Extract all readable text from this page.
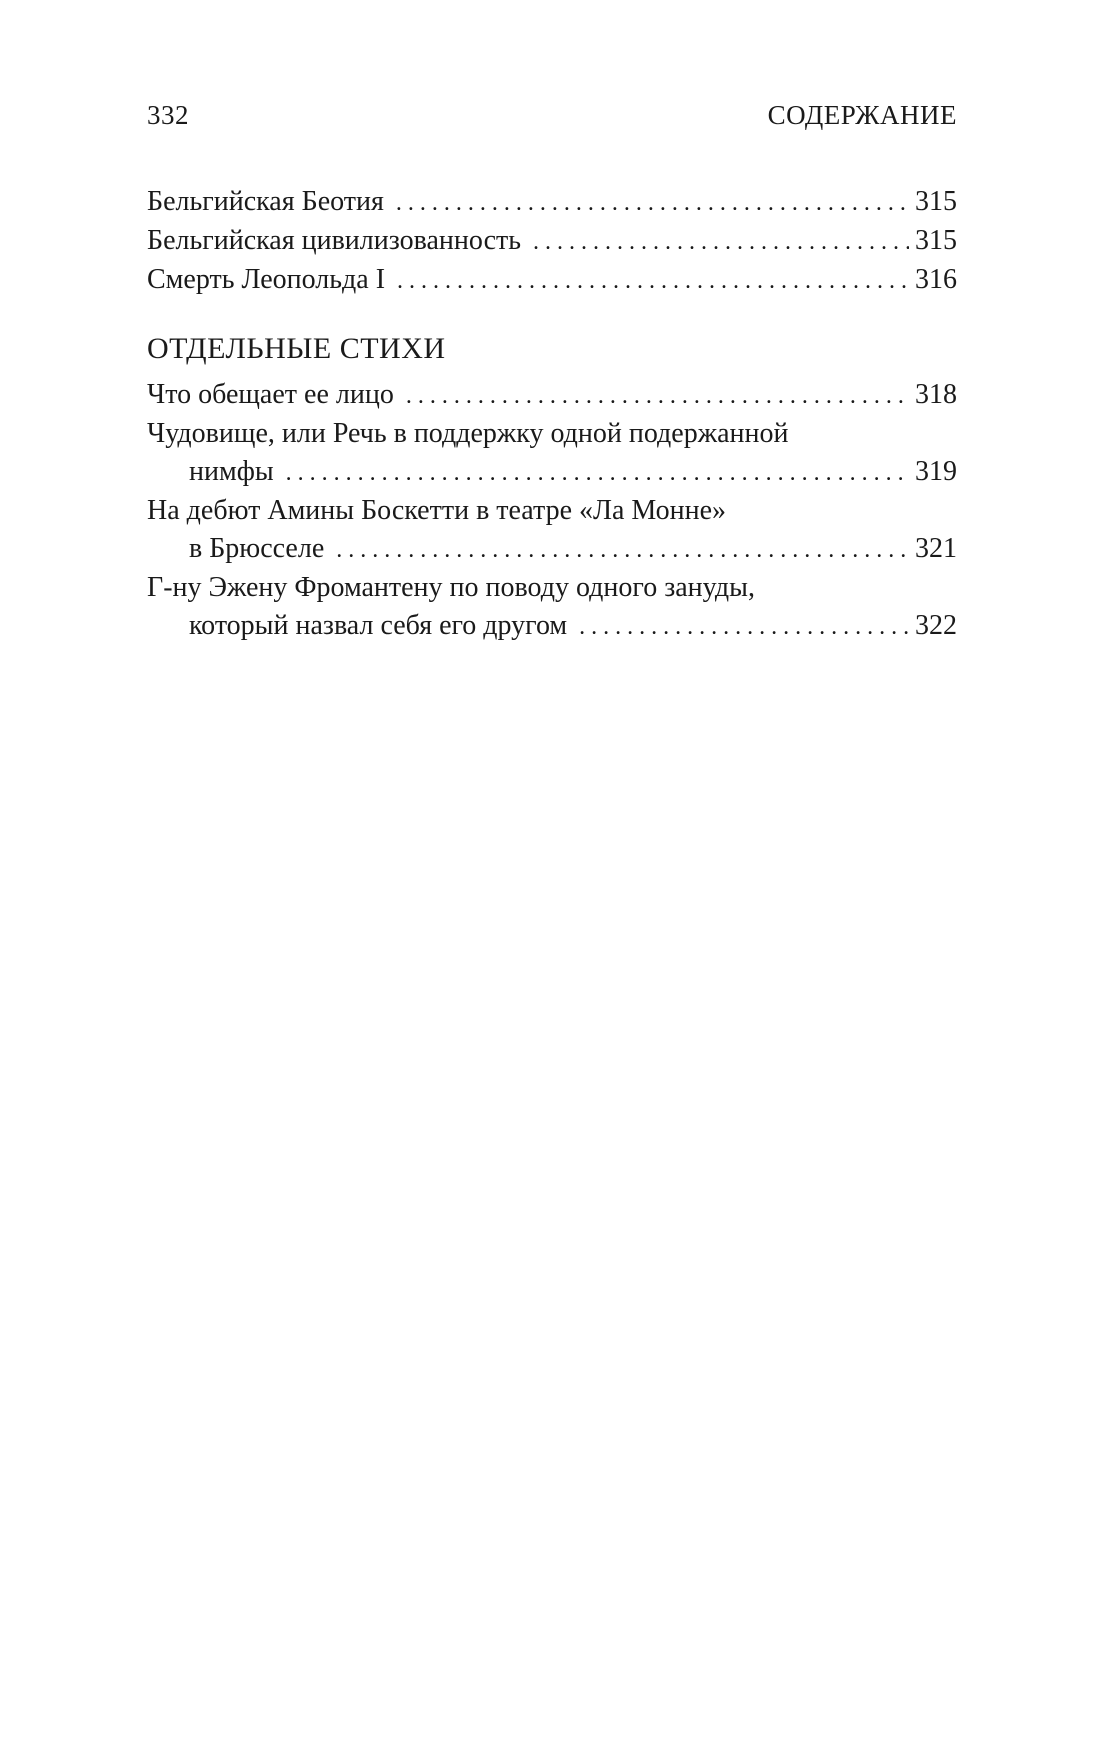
332	СОДЕРЖАНИЕ
Бельгийская Беотия . . .	315
Бельгийская цивилизованность . . .	315
Смерть Леопольда I . . .	316
ОТДЕЛЬНЫЕ СТИХИ
Что обещает ее лицо . . .	318
Чудовище, или Речь в поддержку одной подержанной
нимфы . . .	319
На дебют Амины Боскетти в театре «Ла Монне»
в Брюсселе . . .	321
Г-ну Эжену Фромантену по поводу одного зануды,
который назвал себя его другом . . .	322
